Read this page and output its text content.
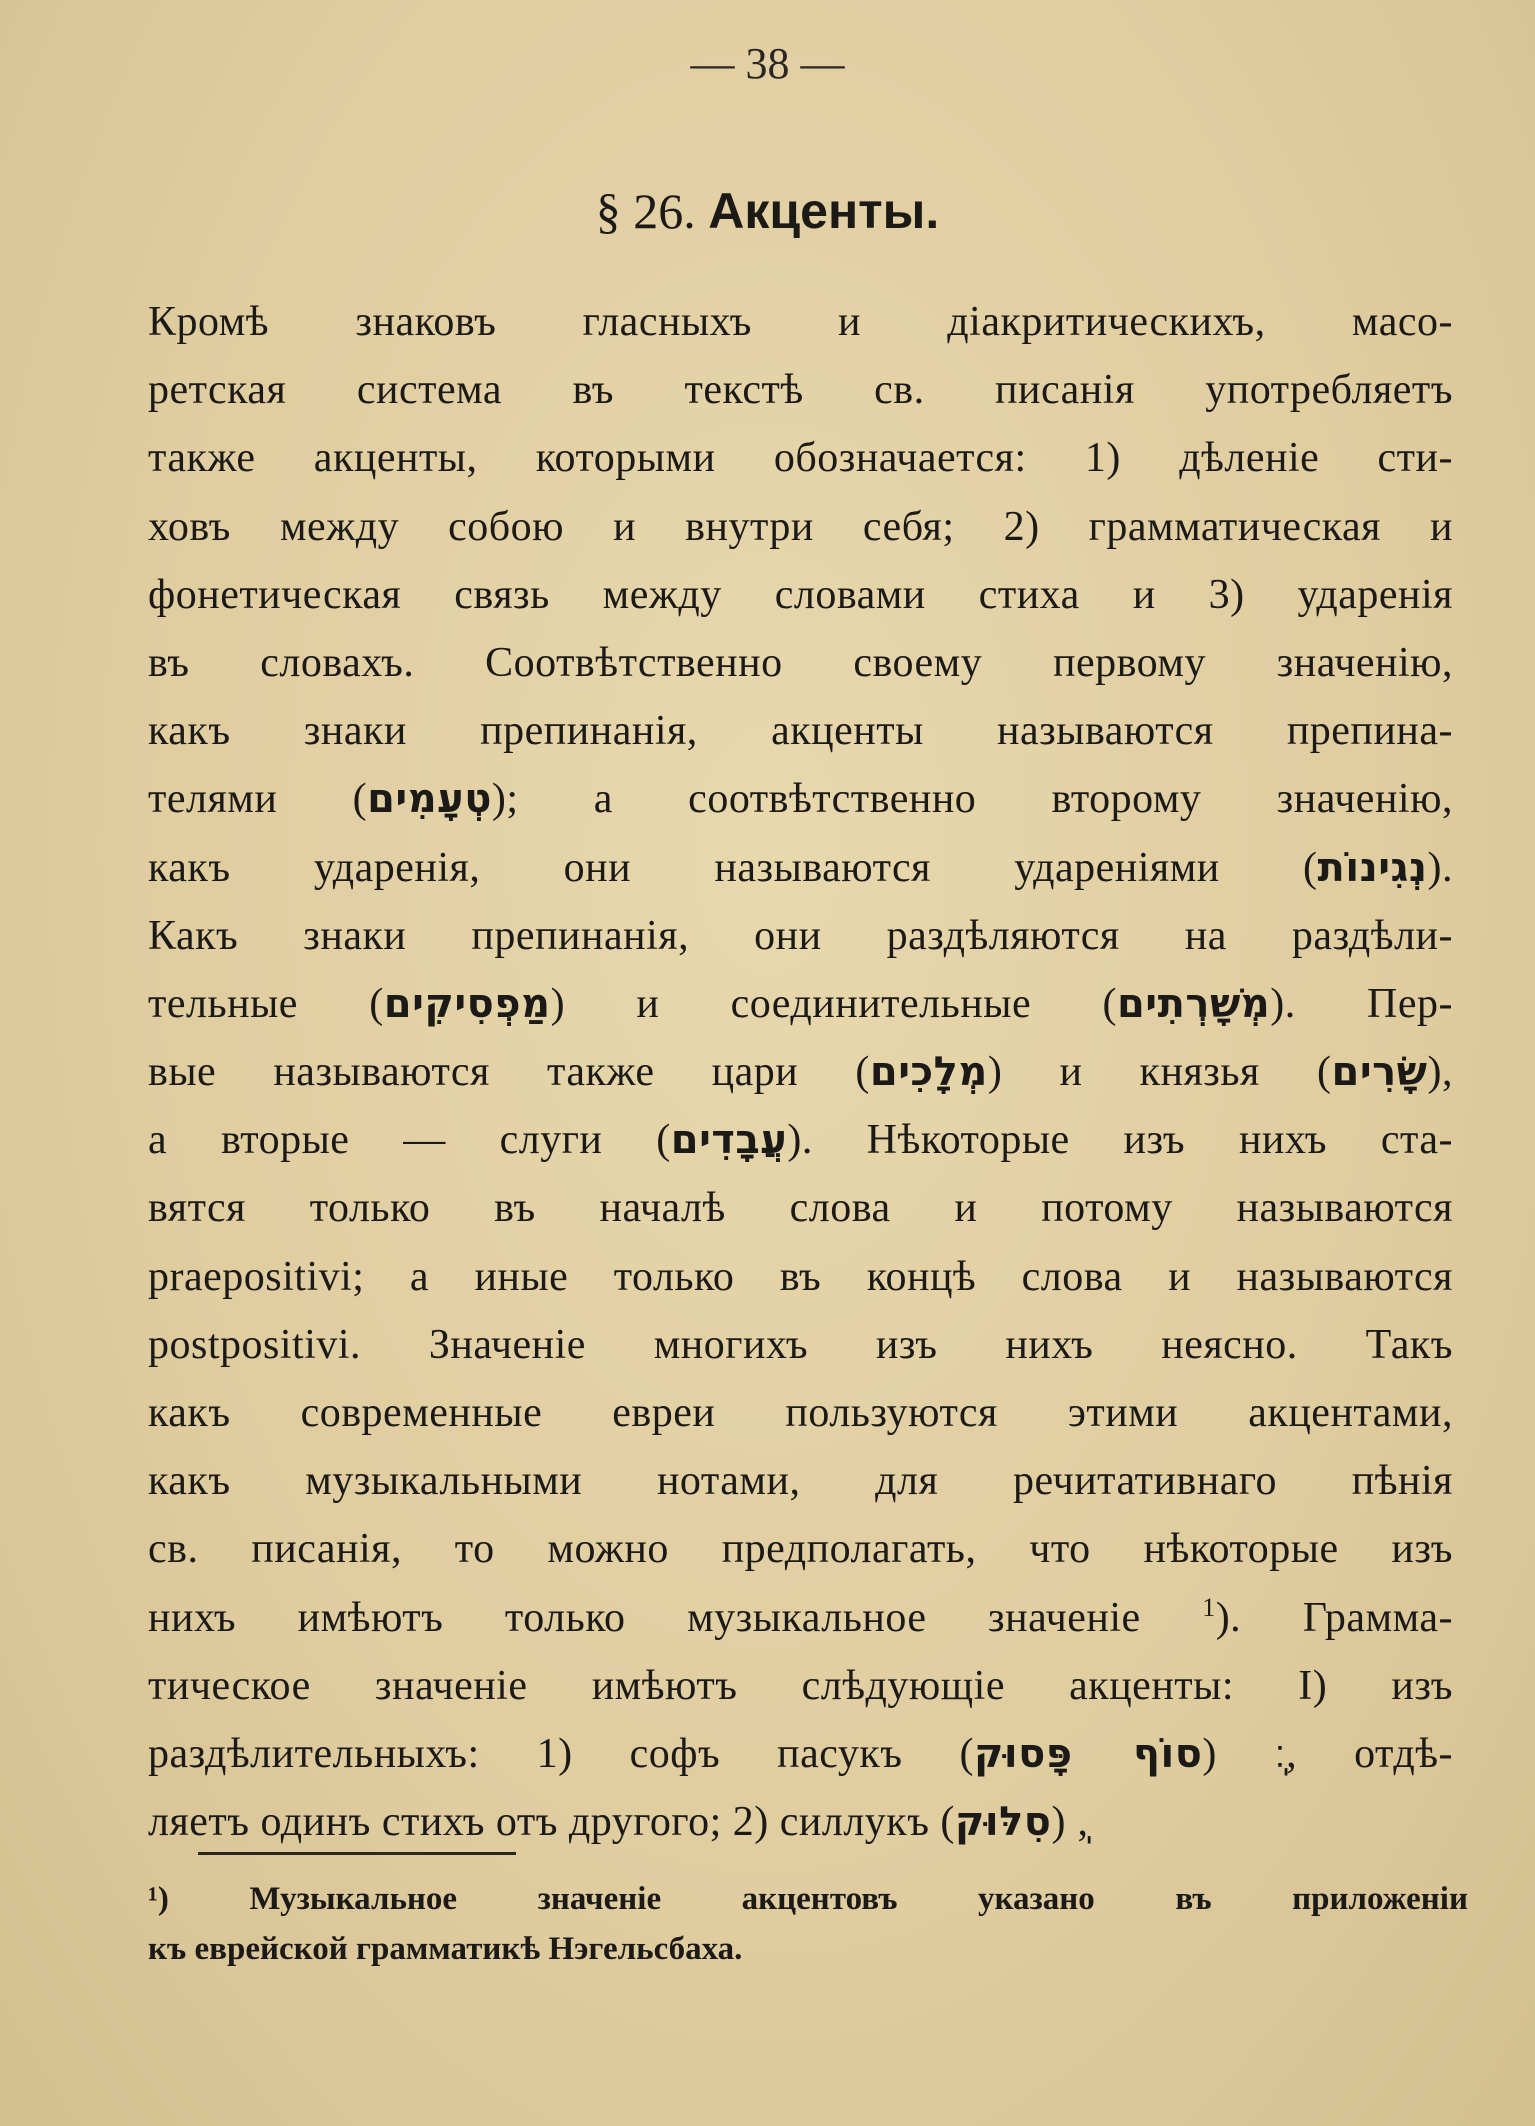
— 38 —
§ 26. Акценты.
Кромѣ знаковъ гласныхъ и діакритическихъ, масо-
ретская система въ текстѣ св. писанія употребляетъ
также акценты, которыми обозначается: 1) дѣленіе сти-
ховъ между собою и внутри себя; 2) грамматическая и
фонетическая связь между словами стиха и 3) ударенія
въ словахъ. Соотвѣтственно своему первому значенію,
какъ знаки препинанія, акценты называются препина-
телями (טְעָמִים); а соотвѣтственно второму значенію,
какъ ударенія, они называются удареніями (נְגִינוֹת).
Какъ знаки препинанія, они раздѣляются на раздѣли-
тельные (מַפְסִיקִים) и соединительные (מְשָׁרְתִים). Пер-
вые называются также цари (מְלָכִים) и князья (שָׂרִים),
а вторые — слуги (עֲבָדִים). Нѣкоторые изъ нихъ ста-
вятся только въ началѣ слова и потому называются
praepositivi; а иные только въ концѣ слова и называются
postpositivi. Значеніе многихъ изъ нихъ неясно. Такъ
какъ современные евреи пользуются этими акцентами,
какъ музыкальными нотами, для речитативнаго пѣнія
св. писанія, то можно предполагать, что нѣкоторые изъ
нихъ имѣютъ только музыкальное значеніе $^1$). Грамма-
тическое значеніе имѣютъ слѣдующіе акценты: I) изъ
раздѣлительныхъ: 1) софъ пасукъ (סוֹף פָּסוּק) ֽ׃, отдѣ-
ляетъ одинъ стихъ отъ другого; 2) силлукъ (סִלּוּק) ֽ,
¹) Музыкальное значеніе акцентовъ указано въ приложеніи
къ еврейской грамматикѣ Нэгельсбаха.
